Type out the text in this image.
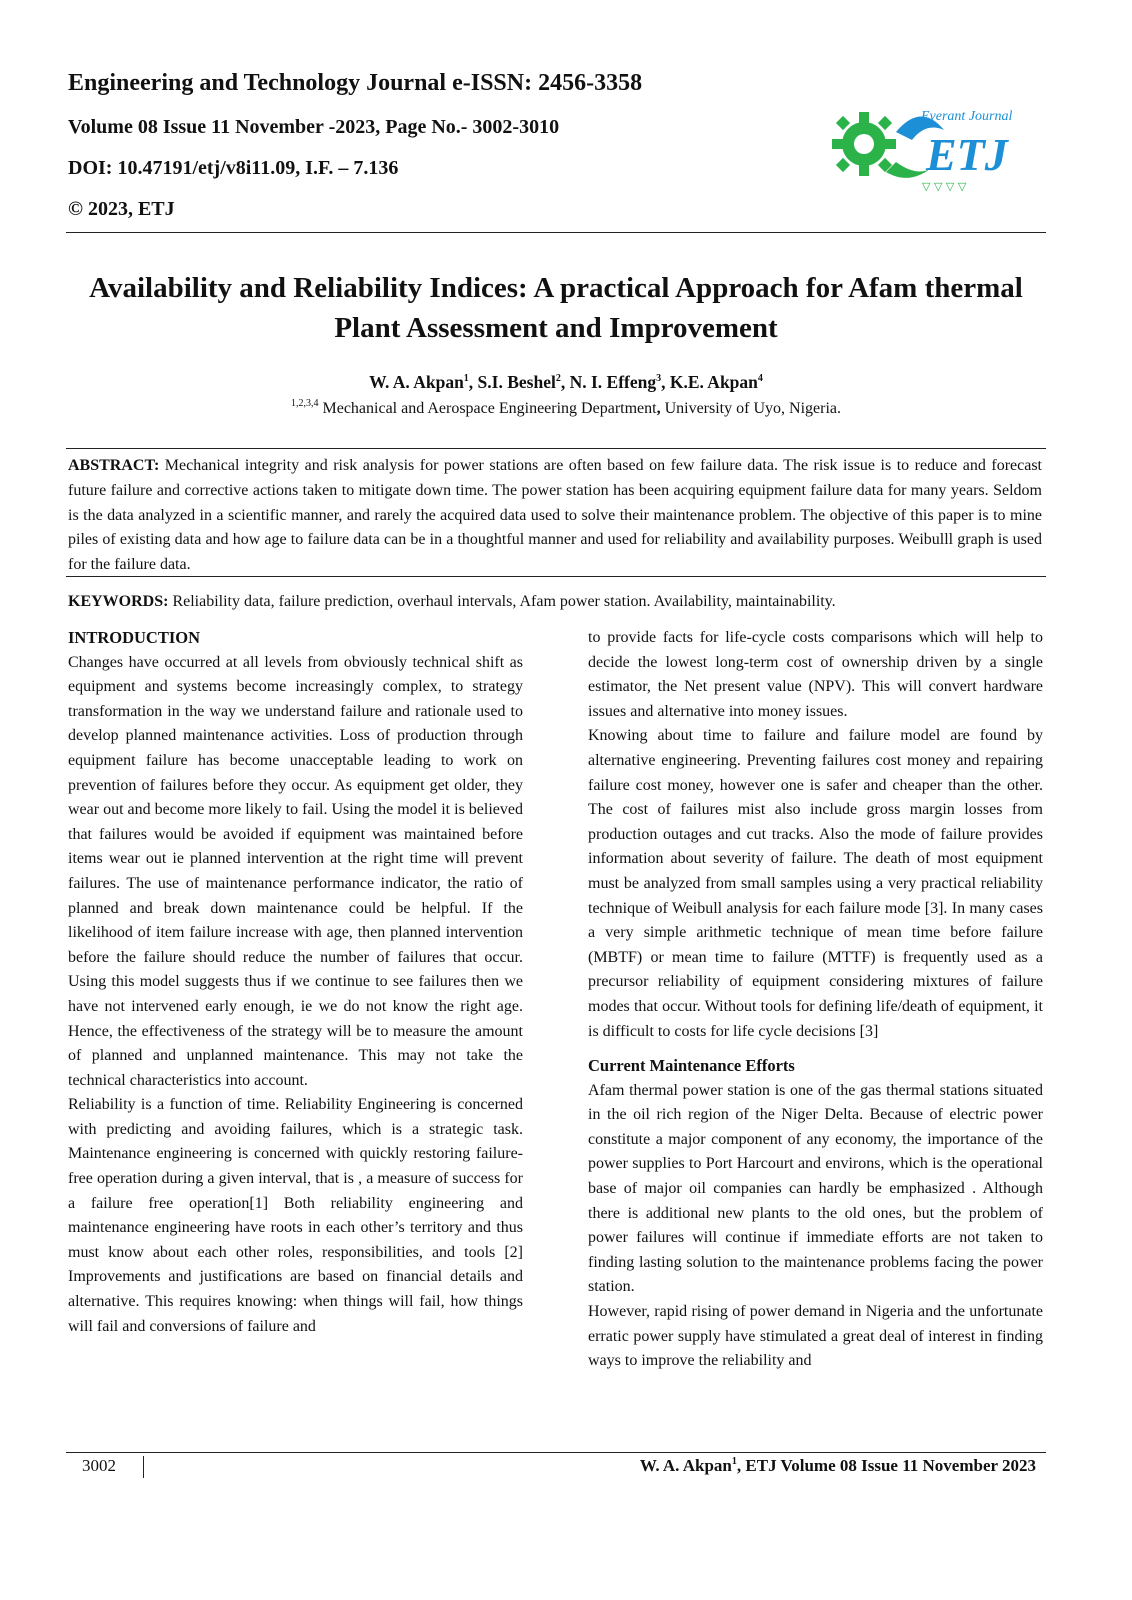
Engineering and Technology Journal e-ISSN: 2456-3358
Volume 08 Issue 11 November -2023, Page No.- 3002-3010
DOI: 10.47191/etj/v8i11.09, I.F. – 7.136
© 2023, ETJ
Everant Journal
ETJ
▽ ▽ ▽ ▽
Availability and Reliability Indices: A practical Approach for Afam thermal Plant Assessment and Improvement
W. A. Akpan$^1$, S.I. Beshel$^2$, N. I. Effeng$^3$, K.E. Akpan$^4$
$^{1,2,3,4}$ Mechanical and Aerospace Engineering Department, University of Uyo, Nigeria.
ABSTRACT: Mechanical integrity and risk analysis for power stations are often based on few failure data. The risk issue is to reduce and forecast future failure and corrective actions taken to mitigate down time. The power station has been acquiring equipment failure data for many years. Seldom is the data analyzed in a scientific manner, and rarely the acquired data used to solve their maintenance problem. The objective of this paper is to mine piles of existing data and how age to failure data can be in a thoughtful manner and used for reliability and availability purposes. Weibulll graph is used for the failure data.
KEYWORDS: Reliability data, failure prediction, overhaul intervals, Afam power station. Availability, maintainability.

INTRODUCTION

Changes have occurred at all levels from obviously technical shift as equipment and systems become increasingly complex, to strategy transformation in the way we understand failure and rationale used to develop planned maintenance activities. Loss of production through equipment failure has become unacceptable leading to work on prevention of failures before they occur. As equipment get older, they wear out and become more likely to fail. Using the model it is believed that failures would be avoided if equipment was maintained before items wear out ie planned intervention at the right time will prevent failures. The use of maintenance performance indicator, the ratio of planned and break down maintenance could be helpful. If the likelihood of item failure increase with age, then planned intervention before the failure should reduce the number of failures that occur. Using this model suggests thus if we continue to see failures then we have not intervened early enough, ie we do not know the right age. Hence, the effectiveness of the strategy will be to measure the amount of planned and unplanned maintenance. This may not take the technical characteristics into account.

Reliability is a function of time. Reliability Engineering is concerned with predicting and avoiding failures, which is a strategic task. Maintenance engineering is concerned with quickly restoring failure-free operation during a given interval, that is , a measure of success for a failure free operation[1] Both reliability engineering and maintenance engineering have roots in each other’s territory and thus must know about each other roles, responsibilities, and tools [2] Improvements and justifications are based on financial details and alternative. This requires knowing: when things will fail, how things will fail and conversions of failure and

to provide facts for life-cycle costs comparisons which will help to decide the lowest long-term cost of ownership driven by a single estimator, the Net present value (NPV). This will convert hardware issues and alternative into money issues.

Knowing about time to failure and failure model are found by alternative engineering. Preventing failures cost money and repairing failure cost money, however one is safer and cheaper than the other. The cost of failures mist also include gross margin losses from production outages and cut tracks. Also the mode of failure provides information about severity of failure. The death of most equipment must be analyzed from small samples using a very practical reliability technique of Weibull analysis for each failure mode [3]. In many cases a very simple arithmetic technique of mean time before failure (MBTF) or mean time to failure (MTTF) is frequently used as a precursor reliability of equipment considering mixtures of failure modes that occur. Without tools for defining life/death of equipment, it is difficult to costs for life cycle decisions [3]

Current Maintenance Efforts

Afam thermal power station is one of the gas thermal stations situated in the oil rich region of the Niger Delta. Because of electric power constitute a major component of any economy, the importance of the power supplies to Port Harcourt and environs, which is the operational base of major oil companies can hardly be emphasized . Although there is additional new plants to the old ones, but the problem of power failures will continue if immediate efforts are not taken to finding lasting solution to the maintenance problems facing the power station.

However, rapid rising of power demand in Nigeria and the unfortunate erratic power supply have stimulated a great deal of interest in finding ways to improve the reliability and

3002	W. A. Akpan$^1$, ETJ Volume 08 Issue 11 November 2023
